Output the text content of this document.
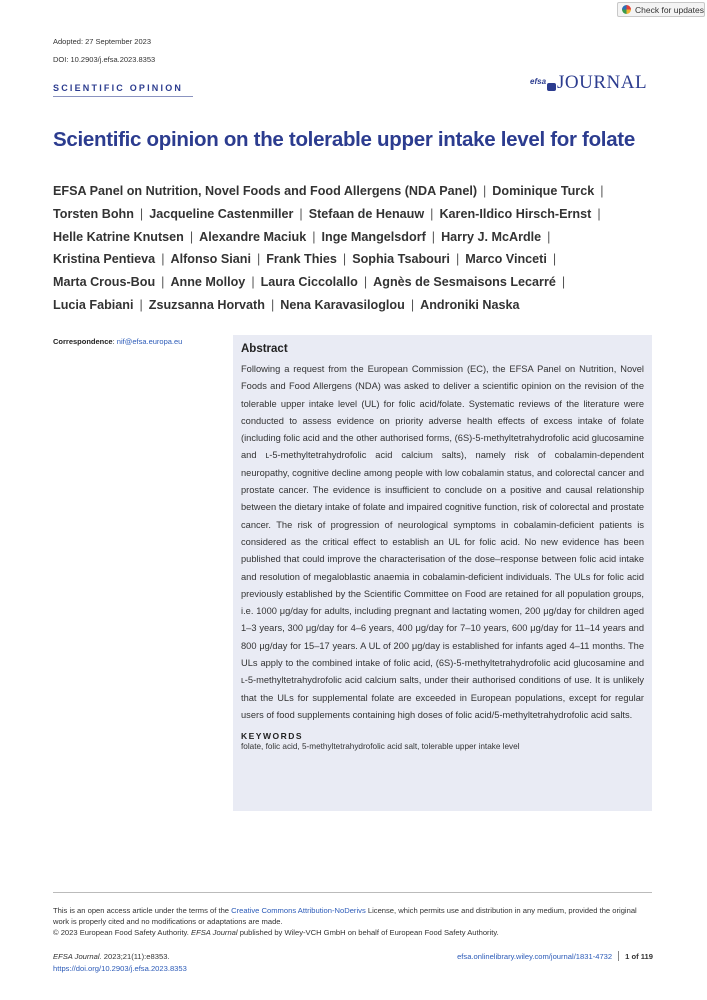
Check for updates
Adopted: 27 September 2023
DOI: 10.2903/j.efsa.2023.8353
SCIENTIFIC OPINION
efsa JOURNAL
Scientific opinion on the tolerable upper intake level for folate
EFSA Panel on Nutrition, Novel Foods and Food Allergens (NDA Panel) | Dominique Turck |
Torsten Bohn | Jacqueline Castenmiller | Stefaan de Henauw | Karen-Ildico Hirsch-Ernst |
Helle Katrine Knutsen | Alexandre Maciuk | Inge Mangelsdorf | Harry J. McArdle |
Kristina Pentieva | Alfonso Siani | Frank Thies | Sophia Tsabouri | Marco Vinceti |
Marta Crous-Bou | Anne Molloy | Laura Ciccolallo | Agnès de Sesmaisons Lecarré |
Lucia Fabiani | Zsuzsanna Horvath | Nena Karavasiloglou | Androniki Naska
Correspondence: nif@efsa.europa.eu

Abstract

Following a request from the European Commission (EC), the EFSA Panel on Nutrition, Novel Foods and Food Allergens (NDA) was asked to deliver a scientific opinion on the revision of the tolerable upper intake level (UL) for folic acid/folate. Systematic reviews of the literature were conducted to assess evidence on priority adverse health effects of excess intake of folate (including folic acid and the other authorised forms, (6S)-5-methyltetrahydrofolic acid glucosamine and ʟ-5-methyltetrahydrofolic acid calcium salts), namely risk of cobalamin-dependent neuropathy, cognitive decline among people with low cobalamin status, and colorectal cancer and prostate cancer. The evidence is insufficient to conclude on a positive and causal relationship between the dietary intake of folate and impaired cognitive function, risk of colorectal and prostate cancer. The risk of progression of neurological symptoms in cobalamin-deficient patients is considered as the critical effect to establish an UL for folic acid. No new evidence has been published that could improve the characterisation of the dose–response between folic acid intake and resolution of megaloblastic anaemia in cobalamin-deficient individuals. The ULs for folic acid previously established by the Scientific Committee on Food are retained for all population groups, i.e. 1000 μg/day for adults, including pregnant and lactating women, 200 μg/day for children aged 1–3 years, 300 μg/day for 4–6 years, 400 μg/day for 7–10 years, 600 μg/day for 11–14 years and 800 μg/day for 15–17 years. A UL of 200 μg/day is established for infants aged 4–11 months. The ULs apply to the combined intake of folic acid, (6S)-5-methyltetrahydrofolic acid glucosamine and ʟ-5-methyltetrahydrofolic acid calcium salts, under their authorised conditions of use. It is unlikely that the ULs for supplemental folate are exceeded in European populations, except for regular users of food supplements containing high doses of folic acid/5-methyltetrahydrofolic acid salts.

KEYWORDS
folate, folic acid, 5-methyltetrahydrofolic acid salt, tolerable upper intake level
This is an open access article under the terms of the Creative Commons Attribution-NoDerivs License, which permits use and distribution in any medium, provided the original work is properly cited and no modifications or adaptations are made.
© 2023 European Food Safety Authority. EFSA Journal published by Wiley-VCH GmbH on behalf of European Food Safety Authority.
EFSA Journal. 2023;21(11):e8353.
https://doi.org/10.2903/j.efsa.2023.8353
efsa.onlinelibrary.wiley.com/journal/1831-4732 1 of 119
